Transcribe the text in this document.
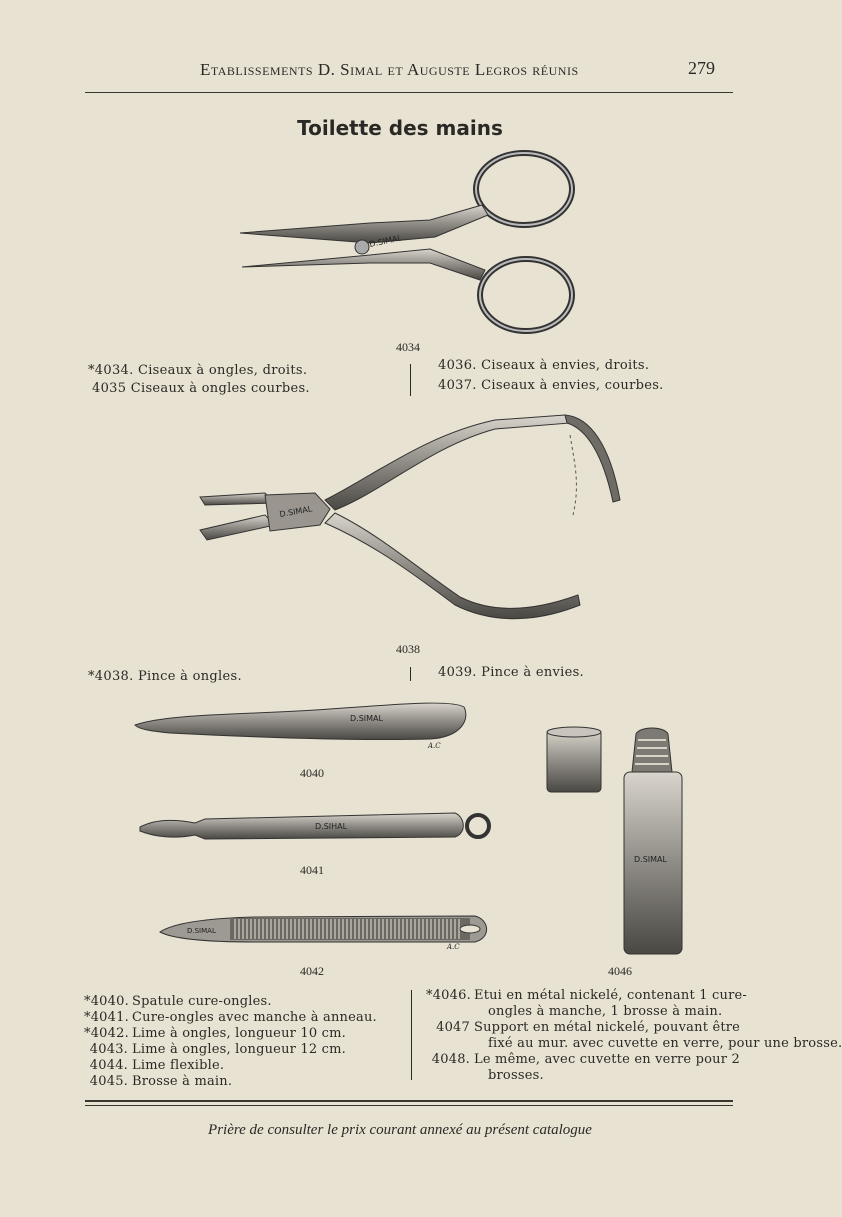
Etablissements D. Simal et Auguste Legros réunis	279
Toilette des mains
D.SIMAL
4034
*4034. Ciseaux à ongles, droits.
4035 Ciseaux à ongles courbes.
4036. Ciseaux à envies, droits.
4037. Ciseaux à envies, courbes.
D.SIMAL
4038
*4038. Pince à ongles.	4039. Pince à envies.
D.SIMAL
A.C
4040
D.SIHAL
4041
D.SIMAL
A.C
4042
D.SIMAL
4046
*4040. Spatule cure-ongles.
*4041. Cure-ongles avec manche à anneau.
*4042. Lime à ongles, longueur 10 cm.
4043. Lime à ongles, longueur 12 cm.
4044. Lime flexible.
4045. Brosse à main.
*4046. Etui en métal nickelé, contenant 1 cure-
ongles à manche, 1 brosse à main.
4047 Support en métal nickelé, pouvant être
fixé au mur. avec cuvette en verre, pour une brosse.
4048. Le même, avec cuvette en verre pour 2
brosses.
Prière de consulter le prix courant annexé au présent catalogue
